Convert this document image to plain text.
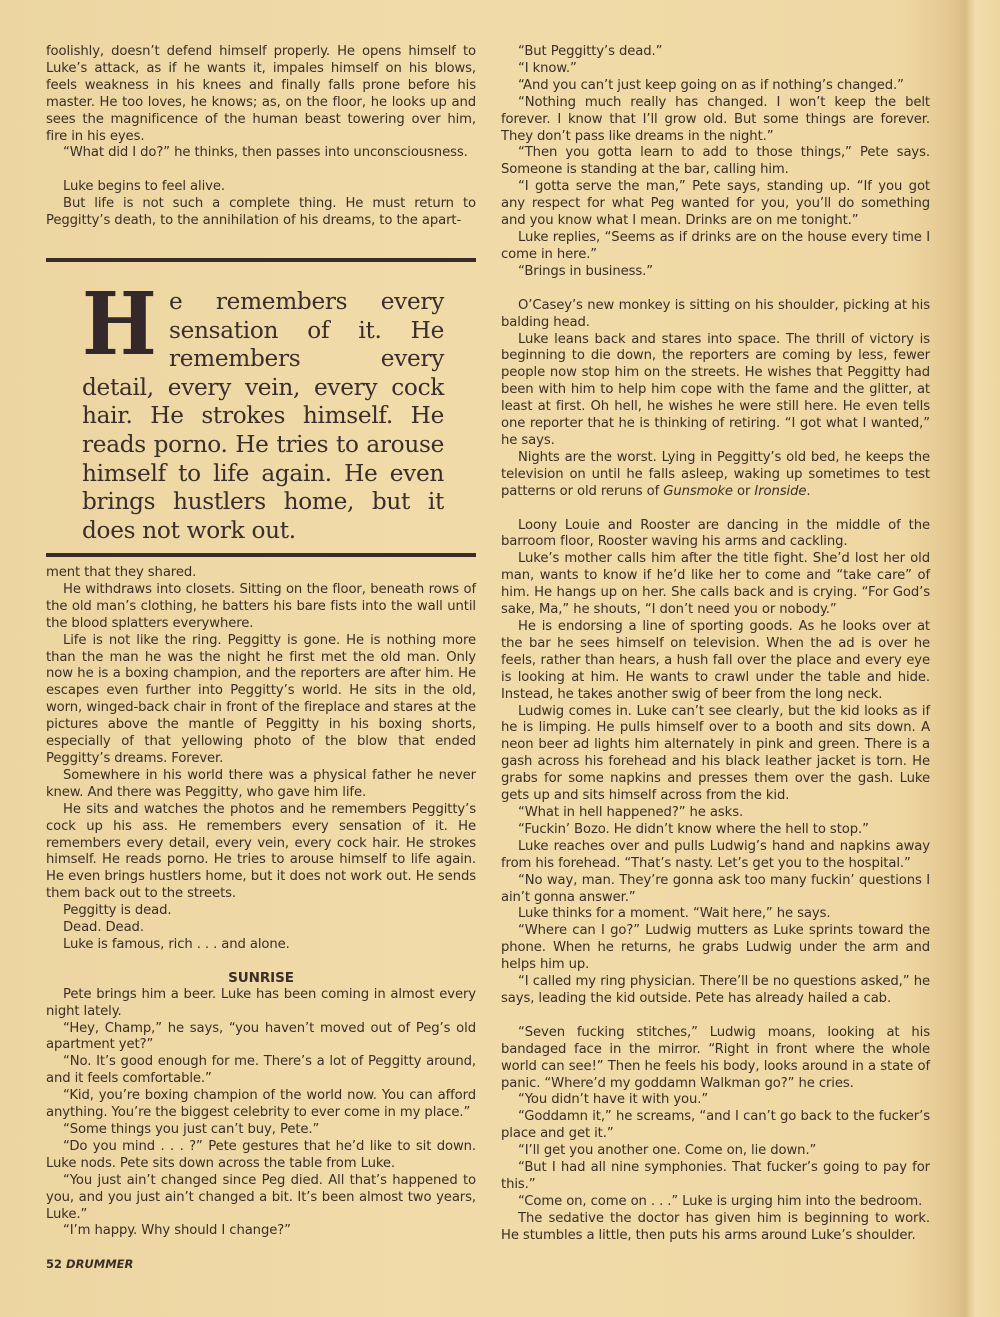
foolishly, doesn’t defend himself properly. He opens himself to Luke’s attack, as if he wants it, impales himself on his blows, feels weakness in his knees and finally falls prone before his master. He too loves, he knows; as, on the floor, he looks up and sees the magnificence of the human beast towering over him, fire in his eyes.

“What did I do?” he thinks, then passes into unconsciousness.

Luke begins to feel alive.

But life is not such a complete thing. He must return to Peggitty’s death, to the annihilation of his dreams, to the apart-

He remembers every sensation of it. He remembers every detail, every vein, every cock hair. He strokes himself. He reads porno. He tries to arouse himself to life again. He even brings hustlers home, but it does not work out.

ment that they shared.

He withdraws into closets. Sitting on the floor, beneath rows of the old man’s clothing, he batters his bare fists into the wall until the blood splatters everywhere.

Life is not like the ring. Peggitty is gone. He is nothing more than the man he was the night he first met the old man. Only now he is a boxing champion, and the reporters are after him. He escapes even further into Peggitty’s world. He sits in the old, worn, winged-back chair in front of the fireplace and stares at the pictures above the mantle of Peggitty in his boxing shorts, especially of that yellowing photo of the blow that ended Peggitty’s dreams. Forever.

Somewhere in his world there was a physical father he never knew. And there was Peggitty, who gave him life.

He sits and watches the photos and he remembers Peggitty’s cock up his ass. He remembers every sensation of it. He remembers every detail, every vein, every cock hair. He strokes himself. He reads porno. He tries to arouse himself to life again. He even brings hustlers home, but it does not work out. He sends them back out to the streets.

Peggitty is dead.

Dead. Dead.

Luke is famous, rich . . . and alone.

SUNRISE

Pete brings him a beer. Luke has been coming in almost every night lately.

“Hey, Champ,” he says, “you haven’t moved out of Peg’s old apartment yet?”

“No. It’s good enough for me. There’s a lot of Peggitty around, and it feels comfortable.”

“Kid, you’re boxing champion of the world now. You can afford anything. You’re the biggest celebrity to ever come in my place.”

“Some things you just can’t buy, Pete.”

“Do you mind . . . ?” Pete gestures that he’d like to sit down. Luke nods. Pete sits down across the table from Luke.

“You just ain’t changed since Peg died. All that’s happened to you, and you just ain’t changed a bit. It’s been almost two years, Luke.”

“I’m happy. Why should I change?”

52 DRUMMER

“But Peggitty’s dead.”

“I know.”

“And you can’t just keep going on as if nothing’s changed.”

“Nothing much really has changed. I won’t keep the belt forever. I know that I’ll grow old. But some things are forever. They don’t pass like dreams in the night.”

“Then you gotta learn to add to those things,” Pete says. Someone is standing at the bar, calling him.

“I gotta serve the man,” Pete says, standing up. “If you got any respect for what Peg wanted for you, you’ll do something and you know what I mean. Drinks are on me tonight.”

Luke replies, “Seems as if drinks are on the house every time I come in here.”

“Brings in business.”

O’Casey’s new monkey is sitting on his shoulder, picking at his balding head.

Luke leans back and stares into space. The thrill of victory is beginning to die down, the reporters are coming by less, fewer people now stop him on the streets. He wishes that Peggitty had been with him to help him cope with the fame and the glitter, at least at first. Oh hell, he wishes he were still here. He even tells one reporter that he is thinking of retiring. “I got what I wanted,” he says.

Nights are the worst. Lying in Peggitty’s old bed, he keeps the television on until he falls asleep, waking up sometimes to test patterns or old reruns of Gunsmoke or Ironside.

Loony Louie and Rooster are dancing in the middle of the barroom floor, Rooster waving his arms and cackling.

Luke’s mother calls him after the title fight. She’d lost her old man, wants to know if he’d like her to come and “take care” of him. He hangs up on her. She calls back and is crying. “For God’s sake, Ma,” he shouts, “I don’t need you or nobody.”

He is endorsing a line of sporting goods. As he looks over at the bar he sees himself on television. When the ad is over he feels, rather than hears, a hush fall over the place and every eye is looking at him. He wants to crawl under the table and hide. Instead, he takes another swig of beer from the long neck.

Ludwig comes in. Luke can’t see clearly, but the kid looks as if he is limping. He pulls himself over to a booth and sits down. A neon beer ad lights him alternately in pink and green. There is a gash across his forehead and his black leather jacket is torn. He grabs for some napkins and presses them over the gash. Luke gets up and sits himself across from the kid.

“What in hell happened?” he asks.

“Fuckin’ Bozo. He didn’t know where the hell to stop.”

Luke reaches over and pulls Ludwig’s hand and napkins away from his forehead. “That’s nasty. Let’s get you to the hospital.”

“No way, man. They’re gonna ask too many fuckin’ questions I ain’t gonna answer.”

Luke thinks for a moment. “Wait here,” he says.

“Where can I go?” Ludwig mutters as Luke sprints toward the phone. When he returns, he grabs Ludwig under the arm and helps him up.

“I called my ring physician. There’ll be no questions asked,” he says, leading the kid outside. Pete has already hailed a cab.

“Seven fucking stitches,” Ludwig moans, looking at his bandaged face in the mirror. “Right in front where the whole world can see!” Then he feels his body, looks around in a state of panic. “Where’d my goddamn Walkman go?” he cries.

“You didn’t have it with you.”

“Goddamn it,” he screams, “and I can’t go back to the fucker’s place and get it.”

“I’ll get you another one. Come on, lie down.”

“But I had all nine symphonies. That fucker’s going to pay for this.”

“Come on, come on . . .” Luke is urging him into the bedroom.

The sedative the doctor has given him is beginning to work. He stumbles a little, then puts his arms around Luke’s shoulder.
